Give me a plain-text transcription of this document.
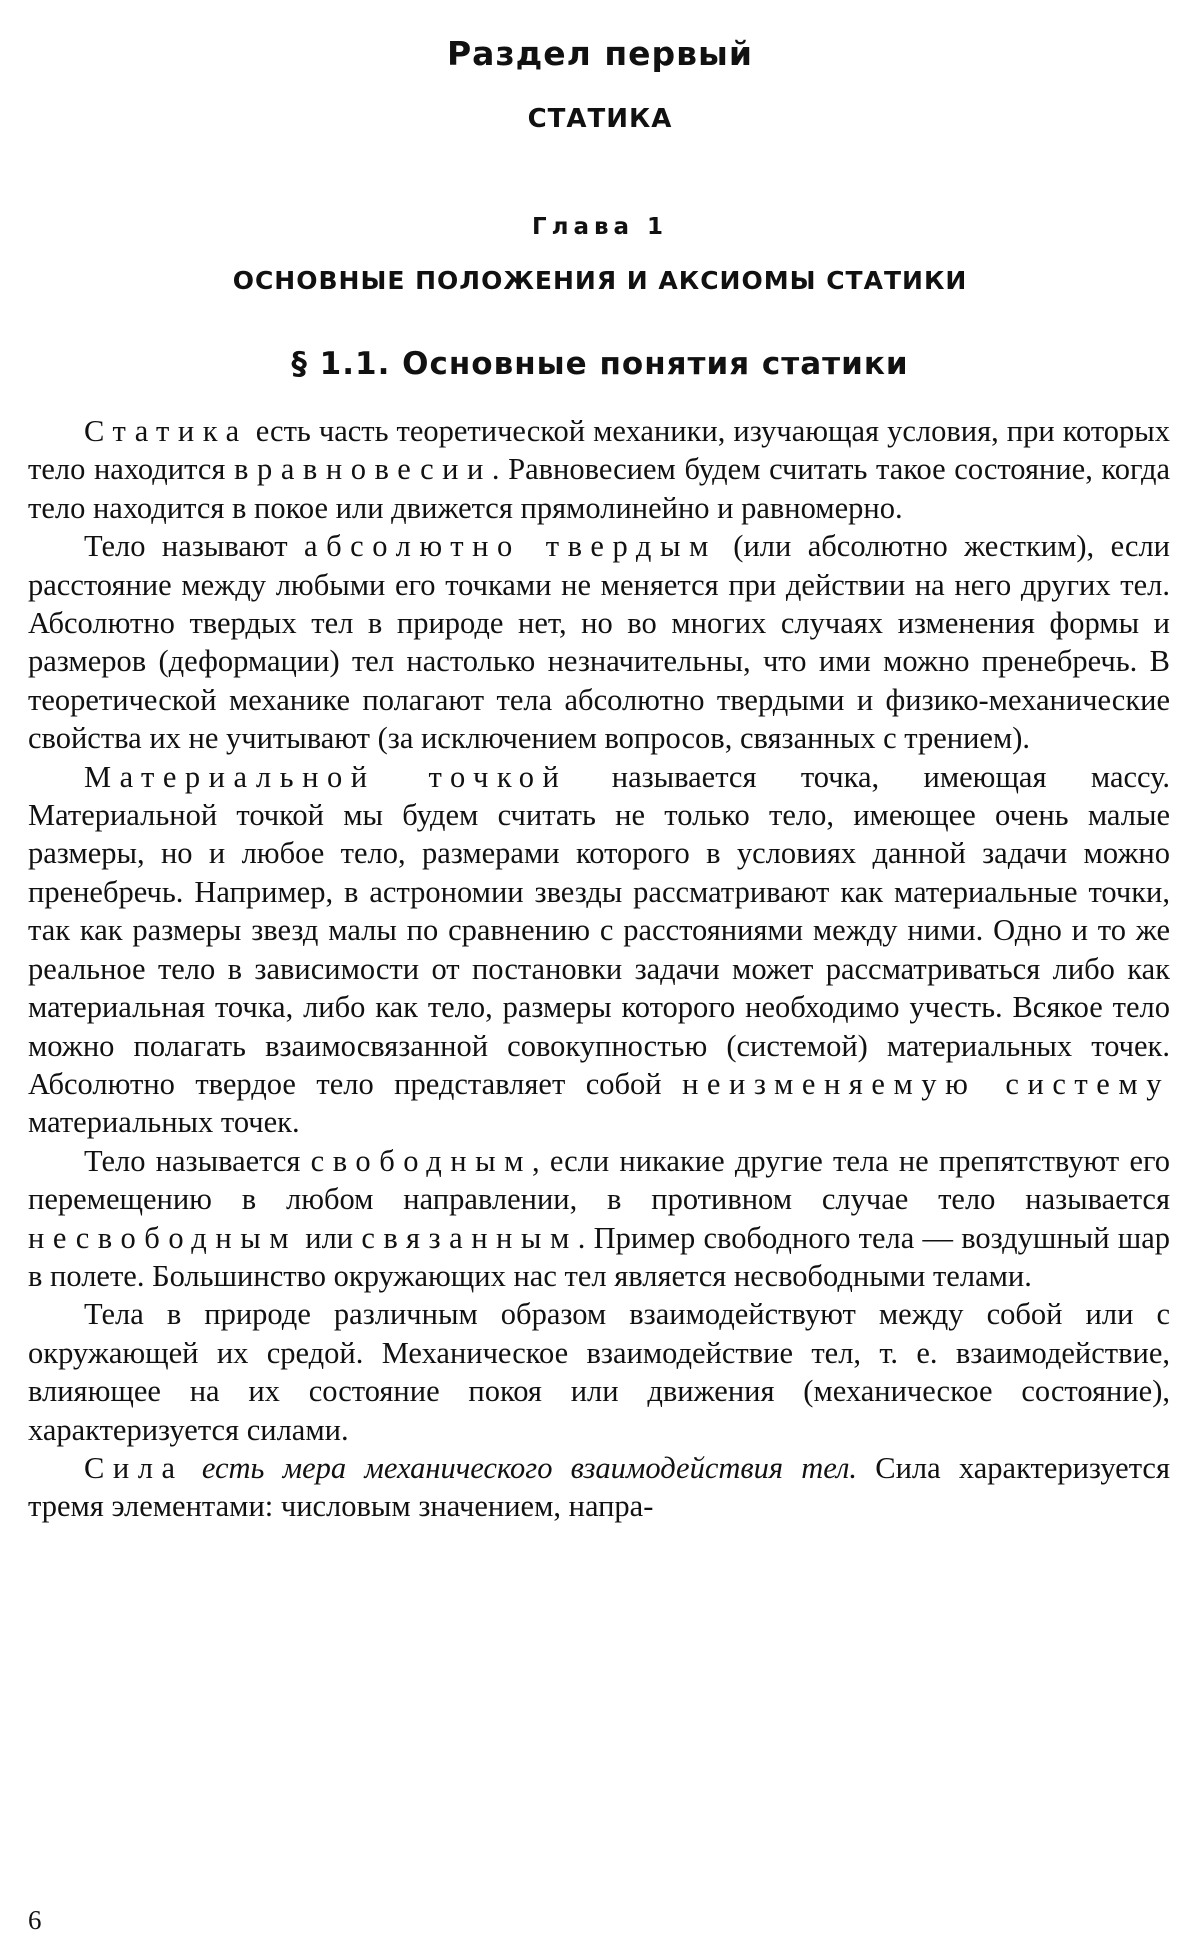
Раздел первый
СТАТИКА
Глава 1
ОСНОВНЫЕ ПОЛОЖЕНИЯ И АКСИОМЫ СТАТИКИ
§ 1.1. Основные понятия статики

Статика есть часть теоретической механики, изучающая условия, при которых тело находится в равновесии. Равновесием будем считать такое состояние, когда тело находится в покое или движется прямолинейно и равномерно.

Тело называют абсолютно твердым (или абсолютно жестким), если расстояние между любыми его точками не меняется при действии на него других тел. Абсолютно твердых тел в природе нет, но во многих случаях изменения формы и размеров (деформации) тел настолько незначительны, что ими можно пренебречь. В теоретической механике полагают тела абсолютно твердыми и физико-механические свойства их не учитывают (за исключением вопросов, связанных с трением).

Материальной точкой называется точка, имеющая массу. Материальной точкой мы будем считать не только тело, имеющее очень малые размеры, но и любое тело, размерами которого в условиях данной задачи можно пренебречь. Например, в астрономии звезды рассматривают как материальные точки, так как размеры звезд малы по сравнению с расстояниями между ними. Одно и то же реальное тело в зависимости от постановки задачи может рассматриваться либо как материальная точка, либо как тело, размеры которого необходимо учесть. Всякое тело можно полагать взаимосвязанной совокупностью (системой) материальных точек. Абсолютно твердое тело представляет собой неизменяемую систему материальных точек.

Тело называется свободным, если никакие другие тела не препятствуют его перемещению в любом направлении, в противном случае тело называется несвободным или связанным. Пример свободного тела — воздушный шар в полете. Большинство окружающих нас тел является несвободными телами.

Тела в природе различным образом взаимодействуют между собой или с окружающей их средой. Механическое взаимодействие тел, т. е. взаимодействие, влияющее на их состояние покоя или движения (механическое состояние), характеризуется силами.

Сила есть мера механического взаимодействия тел. Сила характеризуется тремя элементами: числовым значением, напра-

6
